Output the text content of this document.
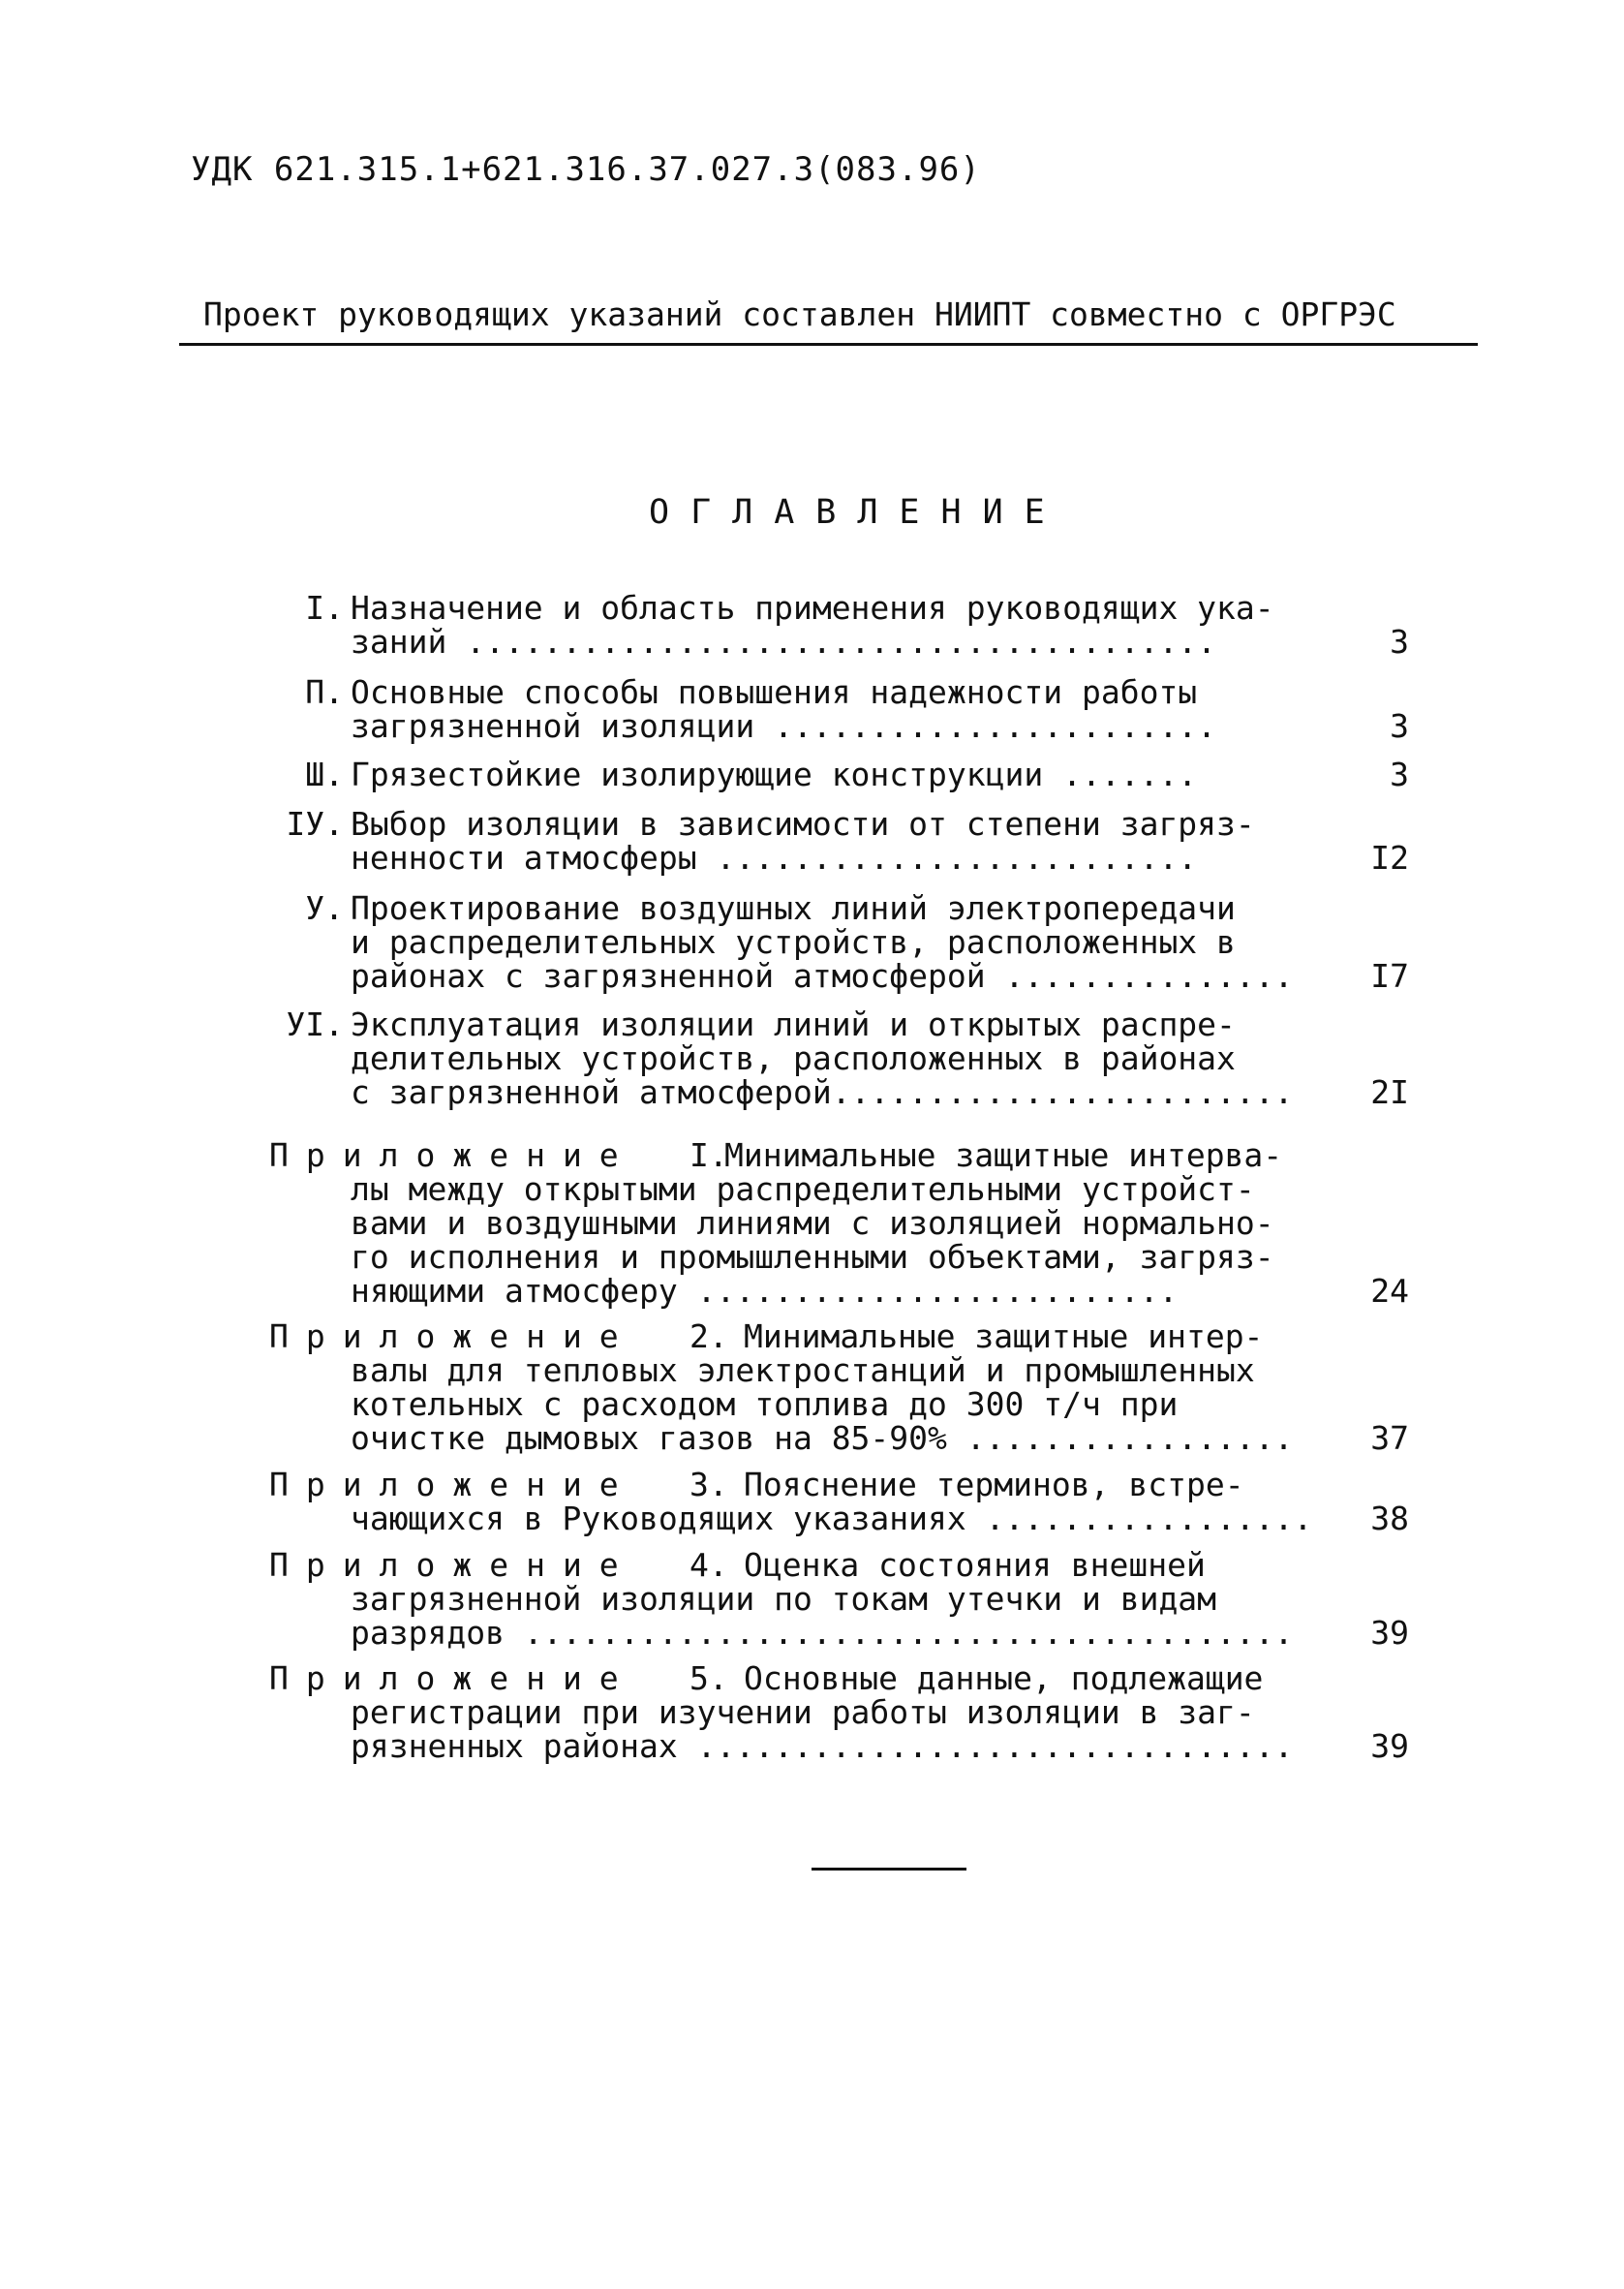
УДК 621.315.1+621.316.37.027.3(083.96)
Проект руководящих указаний составлен НИИПТ совместно с ОРГРЭС
ОГЛАВЛЕНИЕ
I. Назначение и область применения руководящих ука-
заний .......................................	3
П. Основные способы повышения надежности работы
загрязненной изоляции .......................	3
Ш. Грязестойкие изолирующие конструкции .......	3
IУ. Выбор изоляции в зависимости от степени загряз-
ненности атмосферы .........................	I2
У. Проектирование воздушных линий электропередачи
и распределительных устройств, расположенных в
районах с загрязненной атмосферой ...............	I7
УI. Эксплуатация изоляции линий и открытых распре-
делительных устройств, расположенных в районах
с загрязненной атмосферой........................	2I
Приложение I.
Минимальные защитные интерва-
лы между открытыми распределительными устройст-
вами и воздушными линиями с изоляцией нормально-
го исполнения и промышленными объектами, загряз-
няющими атмосферу .........................	24
Приложение 2. Минимальные защитные интер-
валы для тепловых электростанций и промышленных
котельных с расходом топлива до 300 т/ч при
очистке дымовых газов на 85-90% .................	37
Приложение 3. Пояснение терминов, встре-
чающихся в Руководящих указаниях .................	38
Приложение 4. Оценка состояния внешней
загрязненной изоляции по токам утечки и видам
разрядов ........................................	39
Приложение 5. Основные данные, подлежащие
регистрации при изучении работы изоляции в заг-
рязненных районах ...............................	39
